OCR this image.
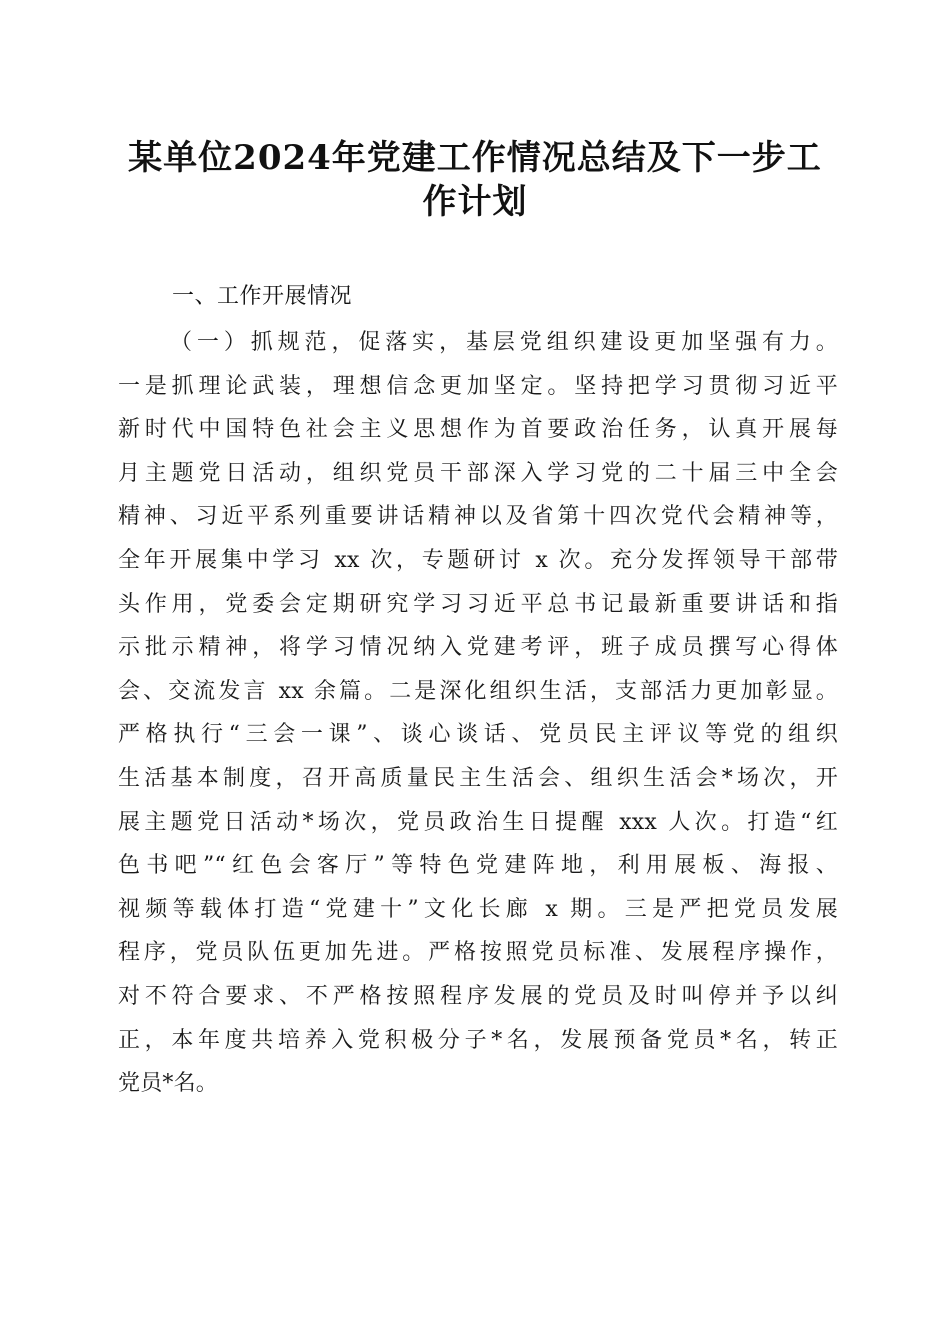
某单位2024年党建工作情况总结及下一步工
作计划
一、工作开展情况
（一）抓规范，促落实，基层党组织建设更加坚强有力。
一是抓理论武装，理想信念更加坚定。坚持把学习贯彻习近平
新时代中国特色社会主义思想作为首要政治任务，认真开展每
月主题党日活动，组织党员干部深入学习党的二十届三中全会
精神、习近平系列重要讲话精神以及省第十四次党代会精神等，
全年开展集中学习 xx 次，专题研讨 x 次。充分发挥领导干部带
头作用，党委会定期研究学习习近平总书记最新重要讲话和指
示批示精神，将学习情况纳入党建考评，班子成员撰写心得体
会、交流发言 xx 余篇。二是深化组织生活，支部活力更加彰显。
严格执行“三会一课”、谈心谈话、党员民主评议等党的组织
生活基本制度，召开高质量民主生活会、组织生活会*场次，开
展主题党日活动*场次，党员政治生日提醒 xxx 人次。打造“红
色书吧”“红色会客厅”等特色党建阵地，利用展板、海报、
视频等载体打造“党建十”文化长廊 x 期。三是严把党员发展
程序，党员队伍更加先进。严格按照党员标准、发展程序操作，
对不符合要求、不严格按照程序发展的党员及时叫停并予以纠
正，本年度共培养入党积极分子*名，发展预备党员*名，转正
党员*名。
